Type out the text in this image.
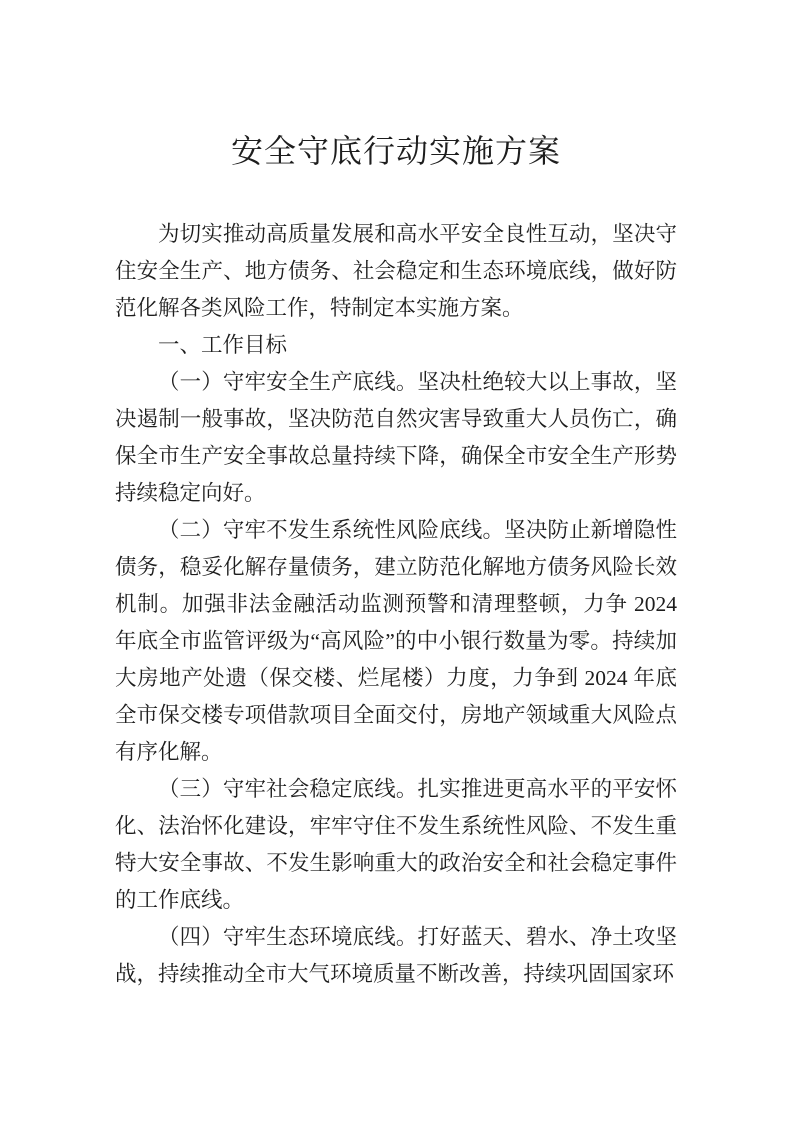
安全守底行动实施方案

为切实推动高质量发展和高水平安全良性互动，坚决守住安全生产、地方债务、社会稳定和生态环境底线，做好防范化解各类风险工作，特制定本实施方案。

一、工作目标

（一）守牢安全生产底线。坚决杜绝较大以上事故，坚决遏制一般事故，坚决防范自然灾害导致重大人员伤亡，确保全市生产安全事故总量持续下降，确保全市安全生产形势持续稳定向好。

（二）守牢不发生系统性风险底线。坚决防止新增隐性债务，稳妥化解存量债务，建立防范化解地方债务风险长效机制。加强非法金融活动监测预警和清理整顿，力争 2024 年底全市监管评级为“高风险”的中小银行数量为零。持续加大房地产处遗（保交楼、烂尾楼）力度，力争到 2024 年底全市保交楼专项借款项目全面交付，房地产领域重大风险点有序化解。

（三）守牢社会稳定底线。扎实推进更高水平的平安怀化、法治怀化建设，牢牢守住不发生系统性风险、不发生重特大安全事故、不发生影响重大的政治安全和社会稳定事件的工作底线。

（四）守牢生态环境底线。打好蓝天、碧水、净土攻坚战，持续推动全市大气环境质量不断改善，持续巩固国家环
